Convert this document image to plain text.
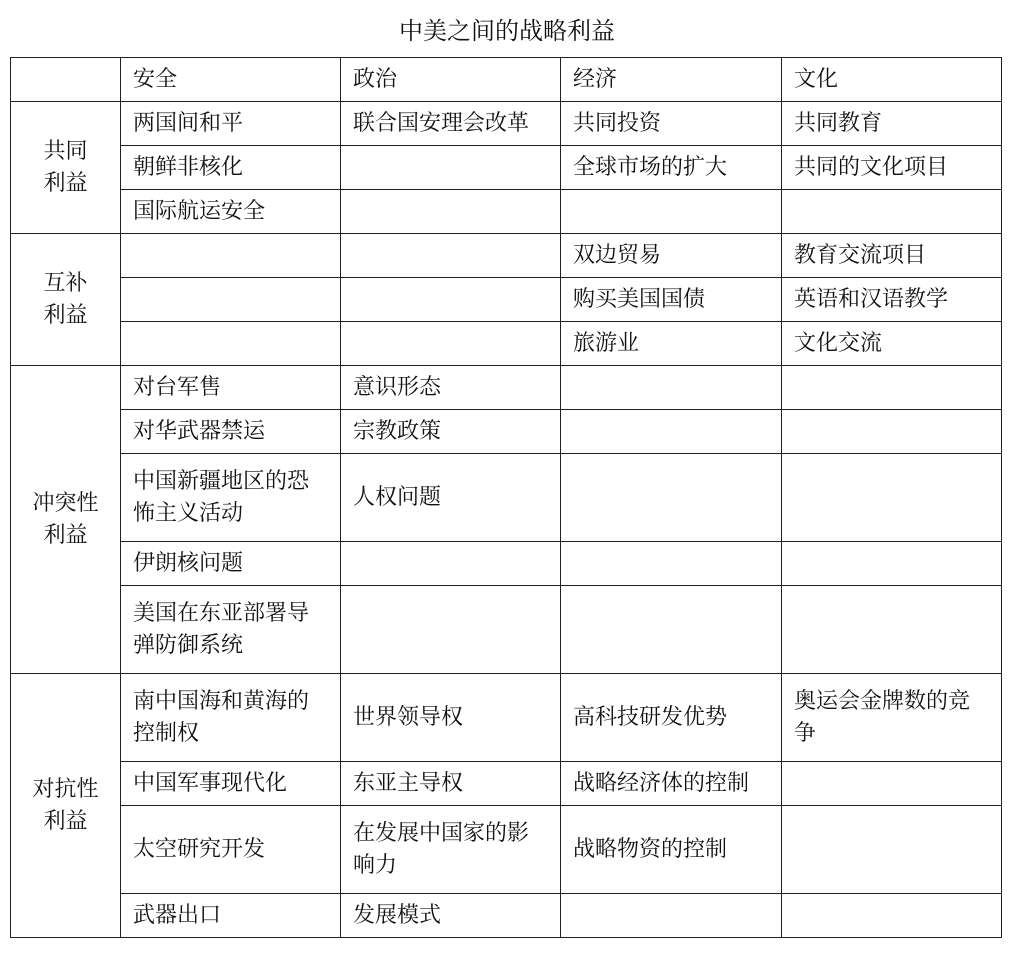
中美之间的战略利益
	安全	政治	经济	文化

共同
利益	两国间和平	联合国安理会改革	共同投资	共同教育
	朝鲜非核化		全球市场的扩大	共同的文化项目
	国际航运安全			

互补
利益			双边贸易	教育交流项目
			购买美国国债	英语和汉语教学
			旅游业	文化交流

冲突性
利益	对台军售	意识形态		
	对华武器禁运	宗教政策		
	中国新疆地区的恐怖主义活动	人权问题		
	伊朗核问题			
	美国在东亚部署导弹防御系统			

对抗性
利益	南中国海和黄海的控制权	世界领导权	高科技研发优势	奥运会金牌数的竞争
	中国军事现代化	东亚主导权	战略经济体的控制	
	太空研究开发	在发展中国家的影响力	战略物资的控制	
	武器出口	发展模式		
